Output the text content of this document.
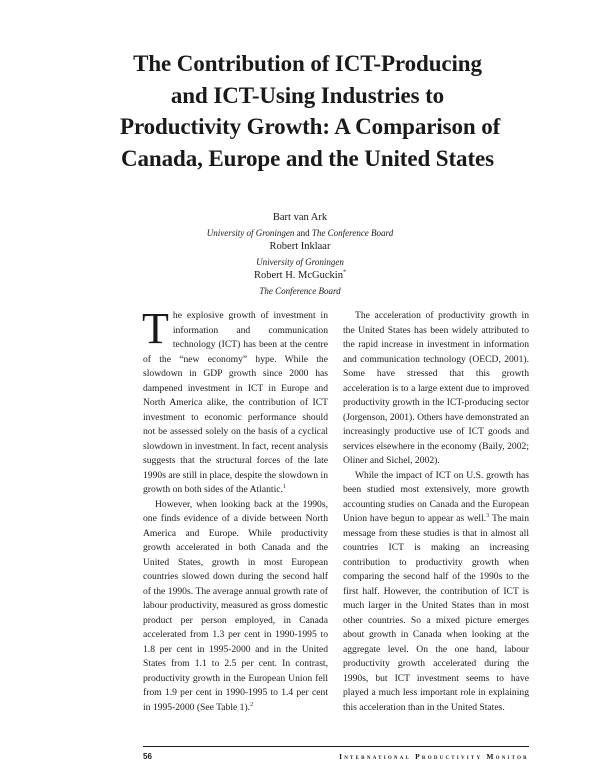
The Contribution of ICT-Producing
and ICT-Using Industries to
Productivity Growth: A Comparison of
Canada, Europe and the United States
Bart van Ark
University of Groningen and The Conference Board
Robert Inklaar
University of Groningen
Robert H. McGuckin*
The Conference Board

The explosive growth of investment in information and communication technology (ICT) has been at the centre of the “new economy” hype. While the slowdown in GDP growth since 2000 has dampened investment in ICT in Europe and North America alike, the contribution of ICT investment to economic performance should not be assessed solely on the basis of a cyclical slowdown in investment. In fact, recent analysis suggests that the structural forces of the late 1990s are still in place, despite the slowdown in growth on both sides of the Atlantic.$^1$

However, when looking back at the 1990s, one finds evidence of a divide between North America and Europe. While productivity growth accelerated in both Canada and the United States, growth in most European countries slowed down during the second half of the 1990s. The average annual growth rate of labour productivity, measured as gross domestic product per person employed, in Canada accelerated from 1.3 per cent in 1990-1995 to 1.8 per cent in 1995-2000 and in the United States from 1.1 to 2.5 per cent. In contrast, productivity growth in the European Union fell from 1.9 per cent in 1990-1995 to 1.4 per cent in 1995-2000 (See Table 1).$^2$

The acceleration of productivity growth in the United States has been widely attributed to the rapid increase in investment in information and communication technology (OECD, 2001). Some have stressed that this growth acceleration is to a large extent due to improved productivity growth in the ICT-producing sector (Jorgenson, 2001). Others have demonstrated an increasingly productive use of ICT goods and services elsewhere in the economy (Baily, 2002; Oliner and Sichel, 2002).

While the impact of ICT on U.S. growth has been studied most extensively, more growth accounting studies on Canada and the European Union have begun to appear as well.$^3$ The main message from these studies is that in almost all countries ICT is making an increasing contribution to productivity growth when comparing the second half of the 1990s to the first half. However, the contribution of ICT is much larger in the United States than in most other countries. So a mixed picture emerges about growth in Canada when looking at the aggregate level. On the one hand, labour productivity growth accelerated during the 1990s, but ICT investment seems to have played a much less important role in explaining this acceleration than in the United States.

56	International Productivity Monitor
